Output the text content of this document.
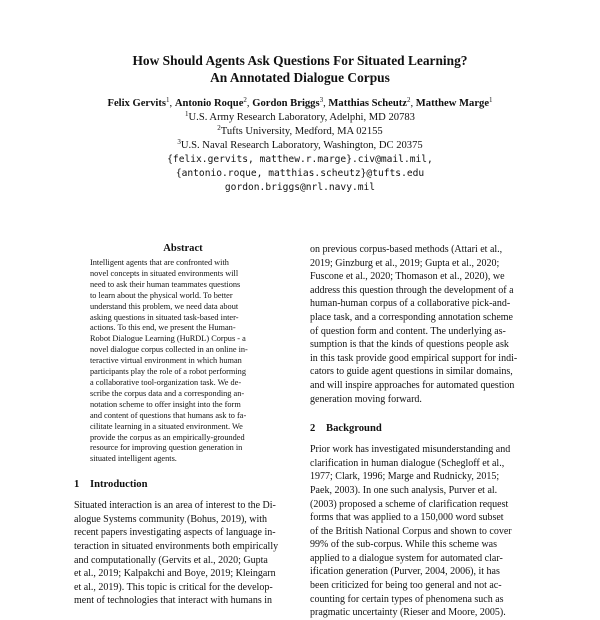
How Should Agents Ask Questions For Situated Learning?
An Annotated Dialogue Corpus
Felix Gervits$^1$, Antonio Roque$^2$, Gordon Briggs$^3$, Matthias Scheutz$^2$, Matthew Marge$^1$
$^1$U.S. Army Research Laboratory, Adelphi, MD 20783
$^2$Tufts University, Medford, MA 02155
$^3$U.S. Naval Research Laboratory, Washington, DC 20375
{felix.gervits, matthew.r.marge}.civ@mail.mil,
{antonio.roque, matthias.scheutz}@tufts.edu
gordon.briggs@nrl.navy.mil
Abstract
Intelligent agents that are confronted with
novel concepts in situated environments will
need to ask their human teammates questions
to learn about the physical world. To better
understand this problem, we need data about
asking questions in situated task-based inter-
actions. To this end, we present the Human-
Robot Dialogue Learning (HuRDL) Corpus - a
novel dialogue corpus collected in an online in-
teractive virtual environment in which human
participants play the role of a robot performing
a collaborative tool-organization task. We de-
scribe the corpus data and a corresponding an-
notation scheme to offer insight into the form
and content of questions that humans ask to fa-
cilitate learning in a situated environment. We
provide the corpus as an empirically-grounded
resource for improving question generation in
situated intelligent agents.
1 Introduction
Situated interaction is an area of interest to the Di-
alogue Systems community (Bohus, 2019), with
recent papers investigating aspects of language in-
teraction in situated environments both empirically
and computationally (Gervits et al., 2020; Gupta
et al., 2019; Kalpakchi and Boye, 2019; Kleingarn
et al., 2019). This topic is critical for the develop-
ment of technologies that interact with humans in
on previous corpus-based methods (Attari et al.,
2019; Ginzburg et al., 2019; Gupta et al., 2020;
Fuscone et al., 2020; Thomason et al., 2020), we
address this question through the development of a
human-human corpus of a collaborative pick-and-
place task, and a corresponding annotation scheme
of question form and content. The underlying as-
sumption is that the kinds of questions people ask
in this task provide good empirical support for indi-
cators to guide agent questions in similar domains,
and will inspire approaches for automated question
generation moving forward.
2 Background
Prior work has investigated misunderstanding and
clarification in human dialogue (Schegloff et al.,
1977; Clark, 1996; Marge and Rudnicky, 2015;
Paek, 2003). In one such analysis, Purver et al.
(2003) proposed a scheme of clarification request
forms that was applied to a 150,000 word subset
of the British National Corpus and shown to cover
99% of the sub-corpus. While this scheme was
applied to a dialogue system for automated clar-
ification generation (Purver, 2004, 2006), it has
been criticized for being too general and not ac-
counting for certain types of phenomena such as
pragmatic uncertainty (Rieser and Moore, 2005).
